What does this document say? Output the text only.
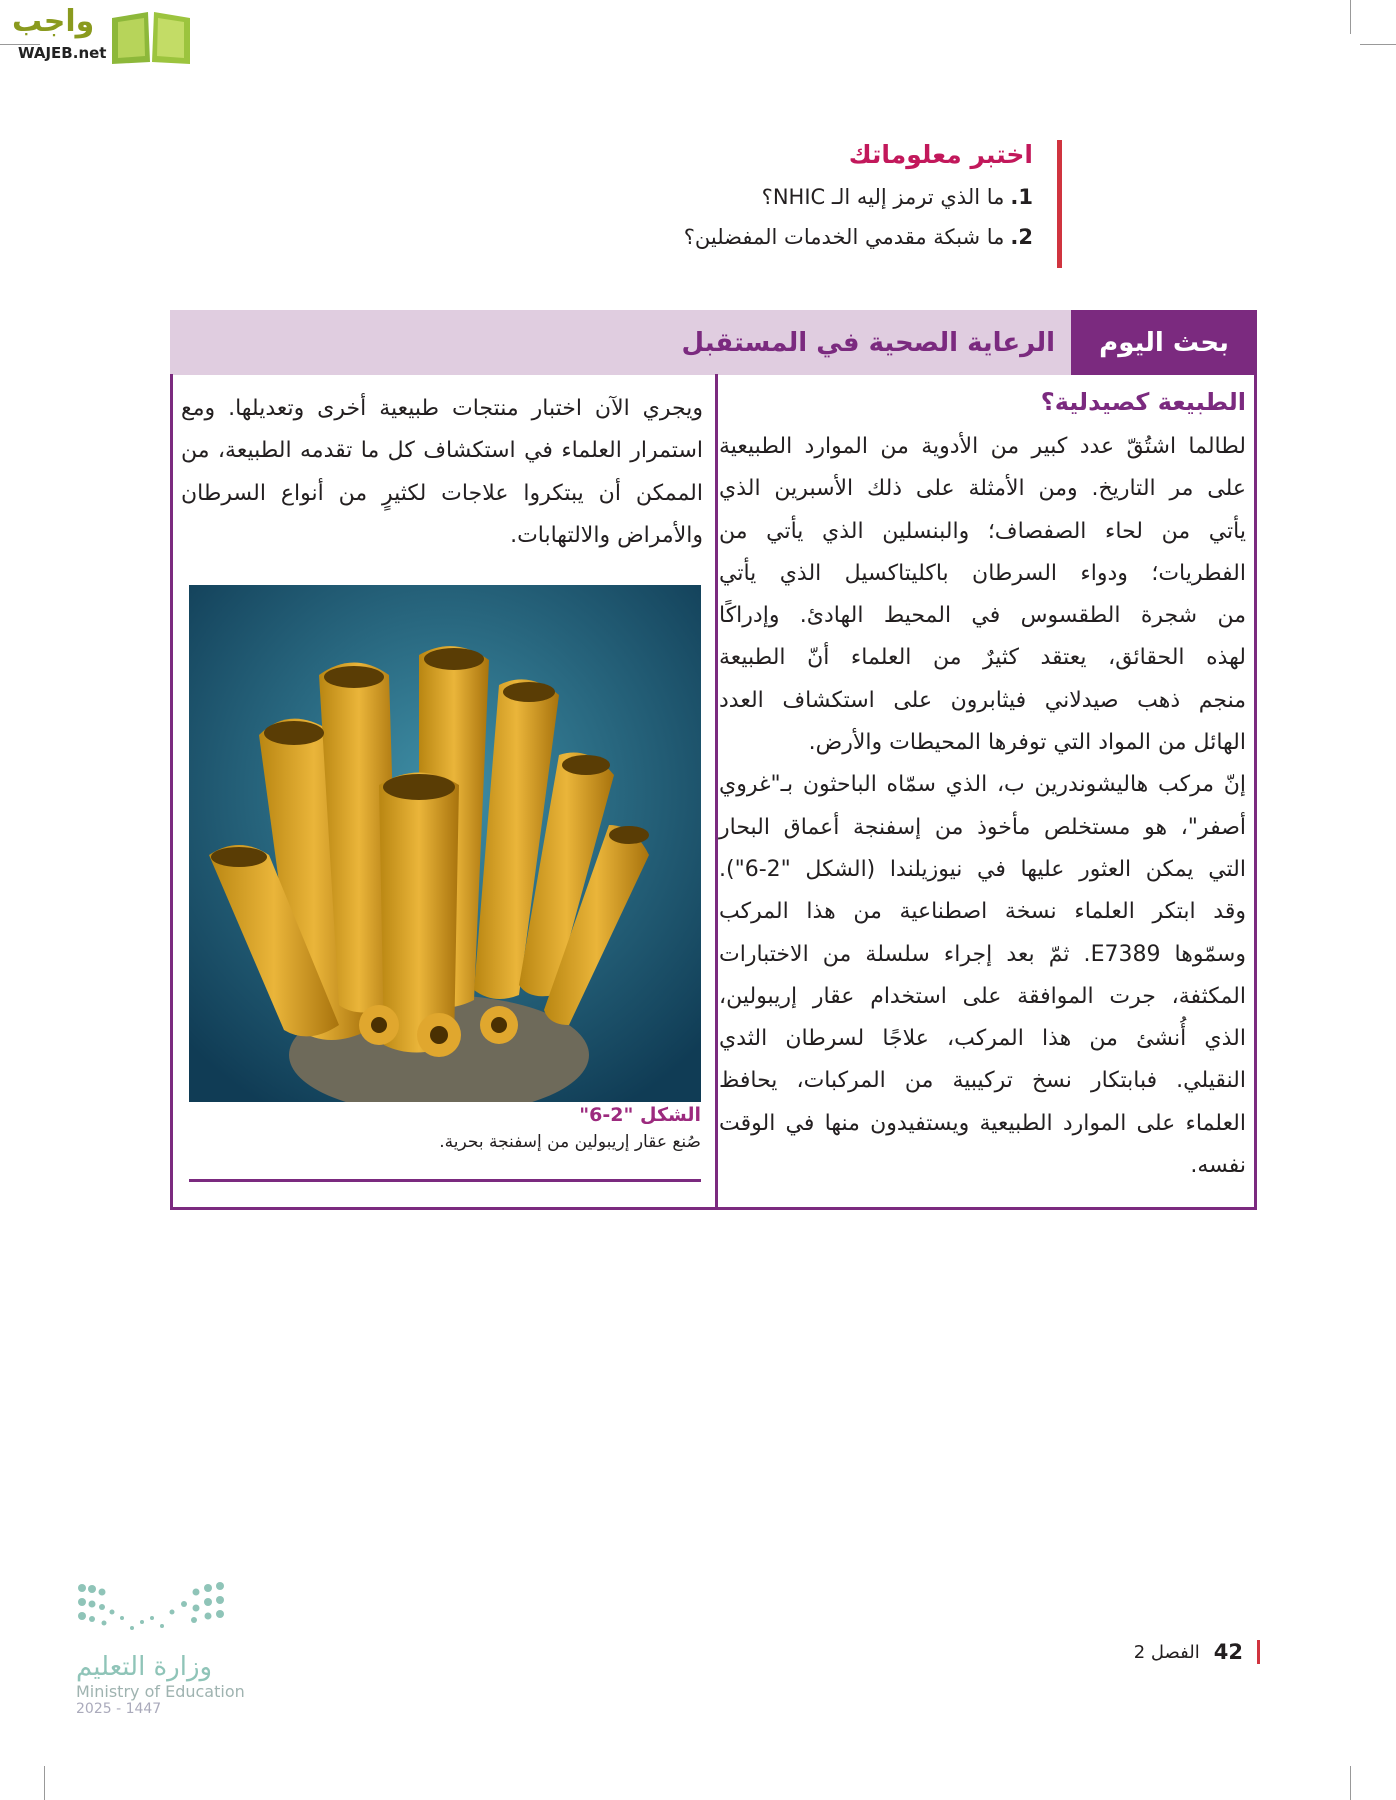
واجب
WAJEB.net
اختبر معلوماتك

1.ما الذي ترمز إليه الـ NHIC؟

2.ما شبكة مقدمي الخدمات المفضلين؟

بحث اليوم
الرعاية الصحية في المستقبل
الطبيعة كصيدلية؟
لطالما اشتُقّ عدد كبير من الأدوية من الموارد الطبيعية
على مر التاريخ. ومن الأمثلة على ذلك الأسبرين الذي
يأتي من لحاء الصفصاف؛ والبنسلين الذي يأتي من
الفطريات؛ ودواء السرطان باكليتاكسيل الذي يأتي
من شجرة الطقسوس في المحيط الهادئ. وإدراكًا
لهذه الحقائق، يعتقد كثيرٌ من العلماء أنّ الطبيعة
منجم ذهب صيدلاني فيثابرون على استكشاف العدد
الهائل من المواد التي توفرها المحيطات والأرض.
إنّ مركب هاليشوندرين ب، الذي سمّاه الباحثون بـ"غروي
أصفر"، هو مستخلص مأخوذ من إسفنجة أعماق البحار
التي يمكن العثور عليها في نيوزيلندا (الشكل "2-6").
وقد ابتكر العلماء نسخة اصطناعية من هذا المركب
وسمّوها E7389. ثمّ بعد إجراء سلسلة من الاختبارات
المكثفة، جرت الموافقة على استخدام عقار إريبولين،
الذي أُنشئ من هذا المركب، علاجًا لسرطان الثدي
النقيلي. فبابتكار نسخ تركيبية من المركبات، يحافظ
العلماء على الموارد الطبيعية ويستفيدون منها في الوقت
نفسه.
ويجري الآن اختبار منتجات طبيعية أخرى وتعديلها. ومع
استمرار العلماء في استكشاف كل ما تقدمه الطبيعة، من
الممكن أن يبتكروا علاجات لكثيرٍ من أنواع السرطان
والأمراض والالتهابات.
الشكل "2-6"
صُنع عقار إريبولين من إسفنجة بحرية.
42
الفصل 2
وزارة التعليم
Ministry of Education
2025 - 1447
